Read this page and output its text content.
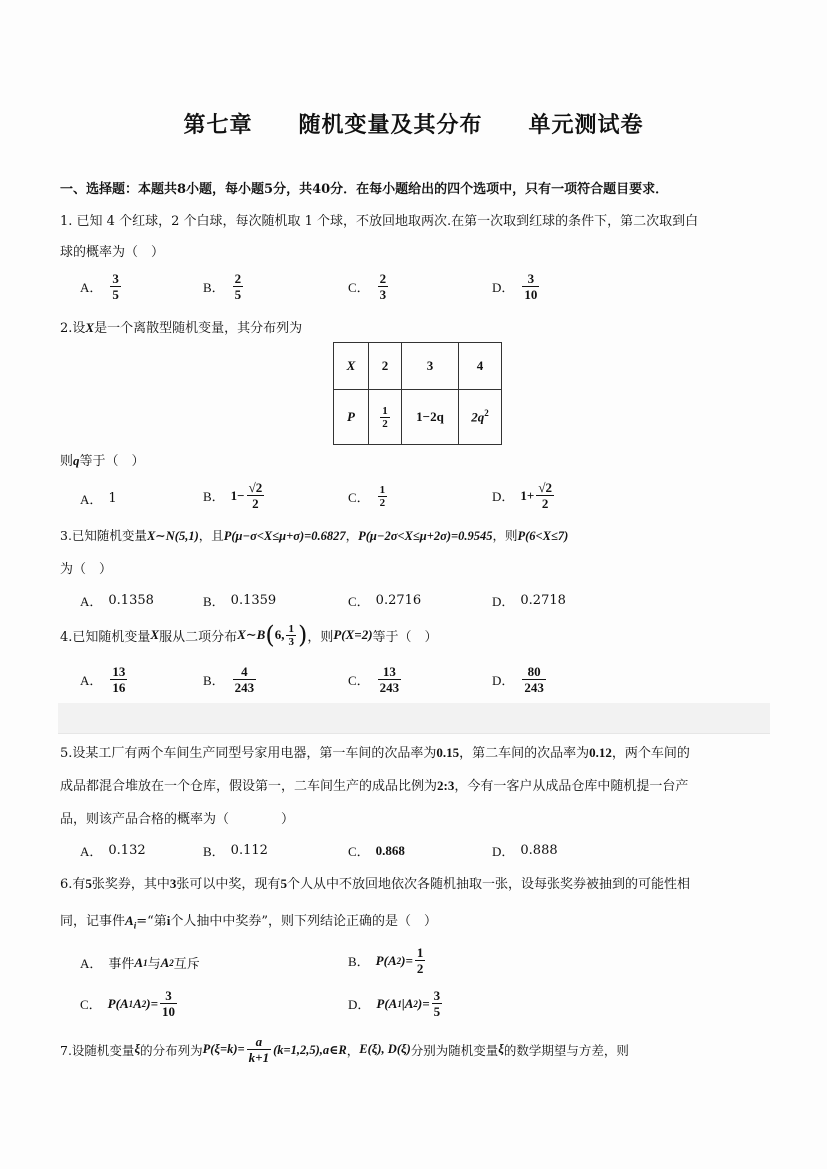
第七章　　随机变量及其分布　　单元测试卷
一、选择题：本题共8小题，每小题5分，共40分．在每小题给出的四个选项中，只有一项符合题目要求．
1. 已知 4 个红球，2 个白球，每次随机取 1 个球，不放回地取两次.在第一次取到红球的条件下，第二次取到白
球的概率为（　）
A． $\frac{3}{5}$	B． $\frac{2}{5}$	C． $\frac{2}{3}$	D． $\frac{3}{10}$
2.设X是一个离散型随机变量，其分布列为
X	2	3	4
P	$\frac{1}{2}$	1−2q	$2q^2$
则q等于（　）
A． 1	B． $1- \frac{√2}{2}$	C． $\frac{1}{2}$	D． $1+ \frac{√2}{2}$
3.已知随机变量X∼N(5,1)，且P(μ−σ<X≤μ+σ)=0.6827，P(μ−2σ<X≤μ+2σ)=0.9545，则P(6<X≤7)
为（　）
A． 0.1358	B． 0.1359	C． 0.2716	D． 0.2718
4.已知随机变量 X 服从二项分布 X∼B ( 6, $\frac{1}{3}$ ) ，则 P(X=2) 等于（　）
A． $\frac{13}{16}$	B． $\frac{4}{243}$	C． $\frac{13}{243}$	D． $\frac{80}{243}$
5.设某工厂有两个车间生产同型号家用电器，第一车间的次品率为0.15，第二车间的次品率为0.12，两个车间的
成品都混合堆放在一个仓库，假设第一，二车间生产的成品比例为2:3，今有一客户从成品仓库中随机提一台产
品，则该产品合格的概率为（　　　　）
A． 0.132	B． 0.112	C． 0.868	D． 0.888
6.有5张奖券，其中3张可以中奖，现有5个人从中不放回地依次各随机抽取一张，设每张奖券被抽到的可能性相
同，记事件$A_i=“$第i个人抽中中奖券”，则下列结论正确的是（　）
A． 事件 A 1 与 A 2 互斥	B． P(A 2 )= $\frac{1}{2}$
C． P(A 1 A 2 )= $\frac{3}{10}$	D． P(A 1 |A 2 )= $\frac{3}{5}$
7.设随机变量 ξ 的分布列为 $P(\xi=k)= \frac{a}{k+1}$ (k=1,2,5),a∈R ， E(ξ), D(ξ) 分别为随机变量 ξ 的数学期望与方差，则
